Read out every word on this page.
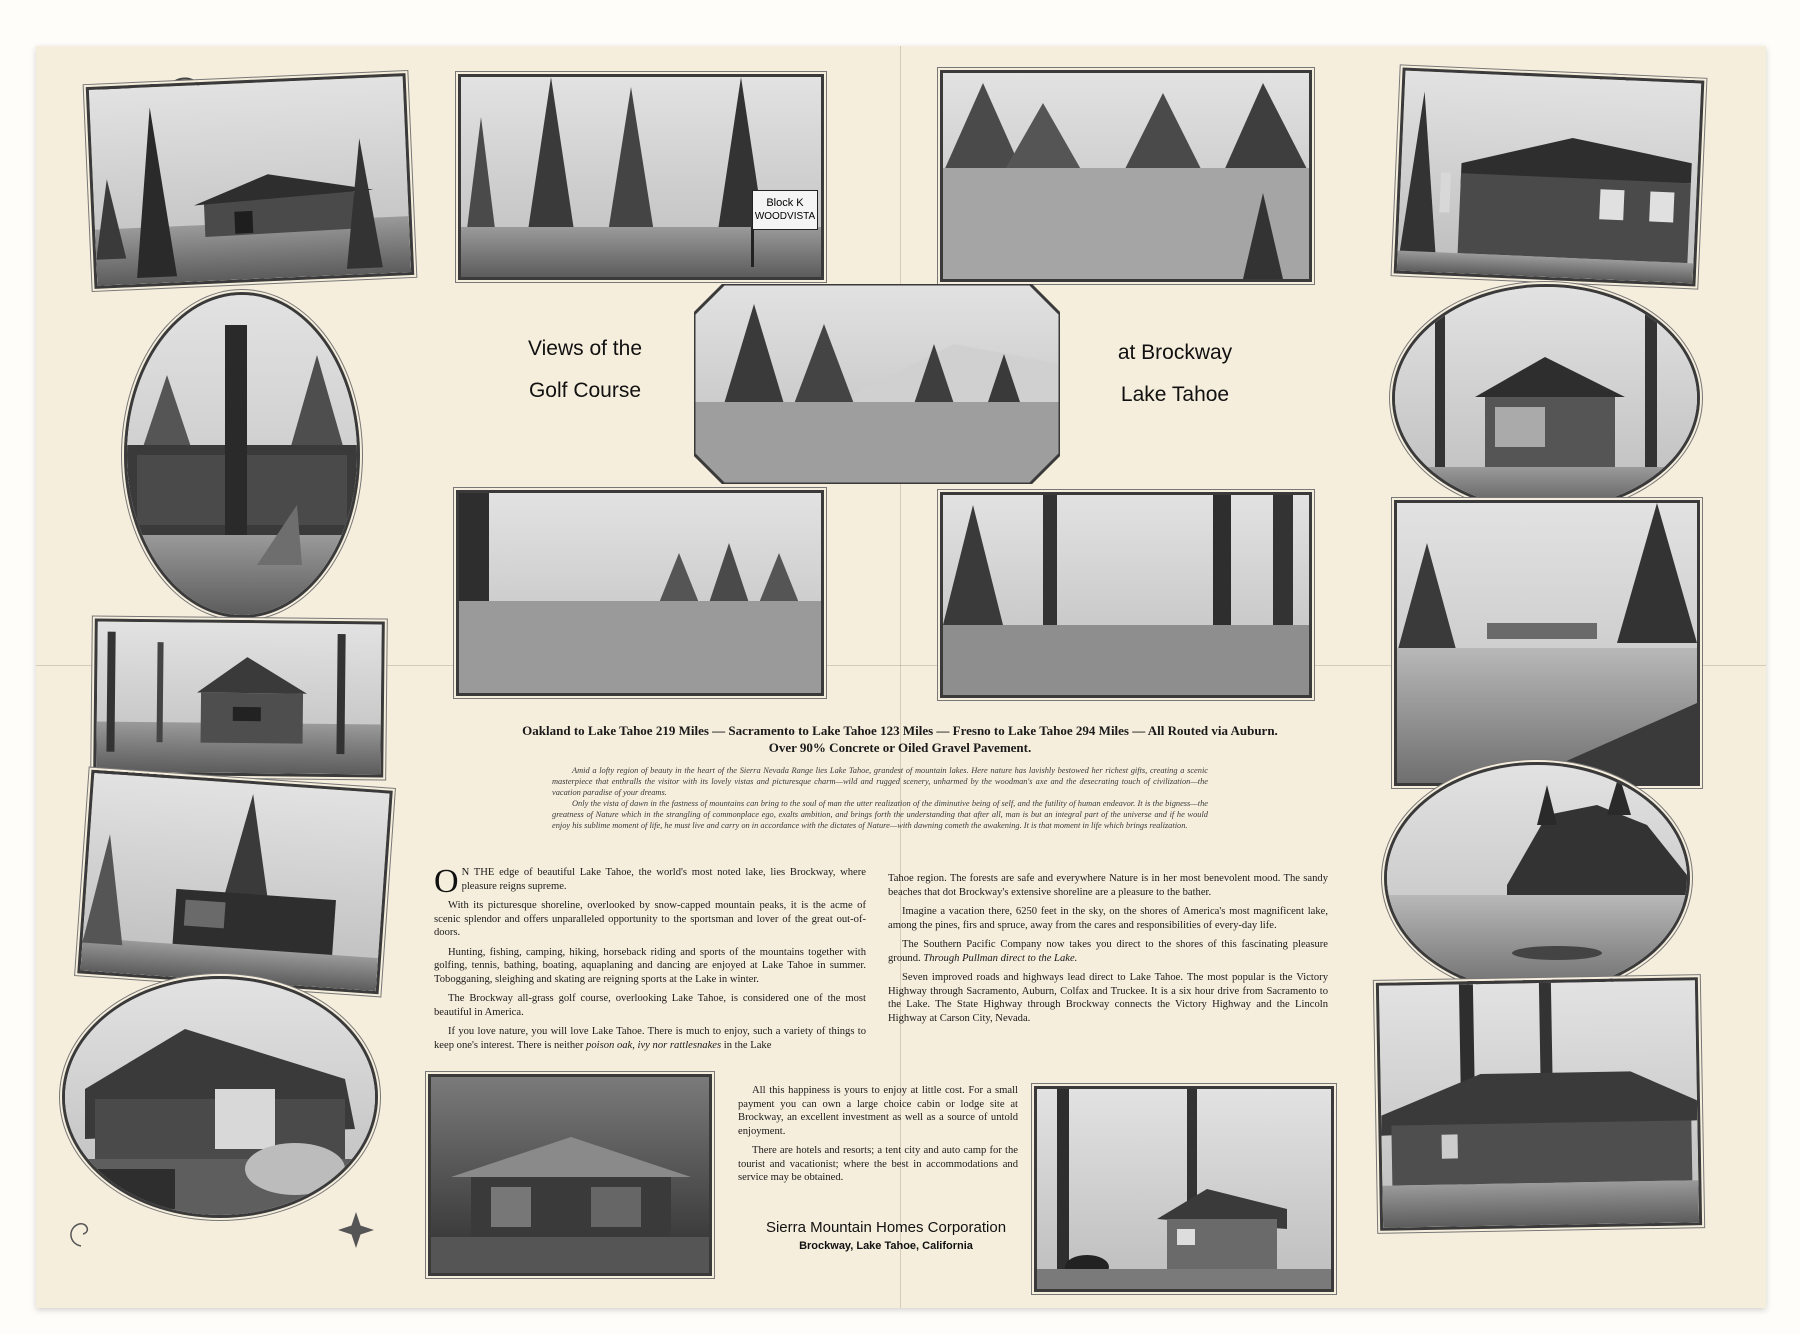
Block K
WOODVISTA
Views of the
Golf Course
at Brockway
Lake Tahoe
Oakland to Lake Tahoe 219 Miles — Sacramento to Lake Tahoe 123 Miles — Fresno to Lake Tahoe 294 Miles — All Routed via Auburn.
Over 90% Concrete or Oiled Gravel Pavement.

Amid a lofty region of beauty in the heart of the Sierra Nevada Range lies Lake Tahoe, grandest of mountain lakes. Here nature has lavishly bestowed her richest gifts, creating a scenic masterpiece that enthralls the visitor with its lovely vistas and picturesque charm—wild and rugged scenery, unharmed by the woodman's axe and the desecrating touch of civilization—the vacation paradise of your dreams.

Only the vista of dawn in the fastness of mountains can bring to the soul of man the utter realization of the diminutive being of self, and the futility of human endeavor. It is the bigness—the greatness of Nature which in the strangling of commonplace ego, exalts ambition, and brings forth the understanding that after all, man is but an integral part of the universe and if he would enjoy his sublime moment of life, he must live and carry on in accordance with the dictates of Nature—with dawning cometh the awakening. It is that moment in life which brings realization.

O N THE edge of beautiful Lake Tahoe, the world's most noted lake, lies Brockway, where pleasure reigns supreme.

With its picturesque shoreline, overlooked by snow-capped mountain peaks, it is the acme of scenic splendor and offers unparalleled opportunity to the sportsman and lover of the great out-of-doors.

Hunting, fishing, camping, hiking, horseback riding and sports of the mountains together with golfing, tennis, bathing, boating, aquaplaning and dancing are enjoyed at Lake Tahoe in summer. Tobogganing, sleighing and skating are reigning sports at the Lake in winter.

The Brockway all-grass golf course, overlooking Lake Tahoe, is considered one of the most beautiful in America.

If you love nature, you will love Lake Tahoe. There is much to enjoy, such a variety of things to keep one's interest. There is neither poison oak, ivy nor rattlesnakes in the Lake

Tahoe region. The forests are safe and everywhere Nature is in her most benevolent mood. The sandy beaches that dot Brockway's extensive shoreline are a pleasure to the bather.

Imagine a vacation there, 6250 feet in the sky, on the shores of America's most magnificent lake, among the pines, firs and spruce, away from the cares and responsibilities of every-day life.

The Southern Pacific Company now takes you direct to the shores of this fascinating pleasure ground. Through Pullman direct to the Lake.

Seven improved roads and highways lead direct to Lake Tahoe. The most popular is the Victory Highway through Sacramento, Auburn, Colfax and Truckee. It is a six hour drive from Sacramento to the Lake. The State Highway through Brockway connects the Victory Highway and the Lincoln Highway at Carson City, Nevada.

All this happiness is yours to enjoy at little cost. For a small payment you can own a large choice cabin or lodge site at Brockway, an excellent investment as well as a source of untold enjoyment.

There are hotels and resorts; a tent city and auto camp for the tourist and vacationist; where the best in accommodations and service may be obtained.

Sierra Mountain Homes Corporation
Brockway, Lake Tahoe, California
